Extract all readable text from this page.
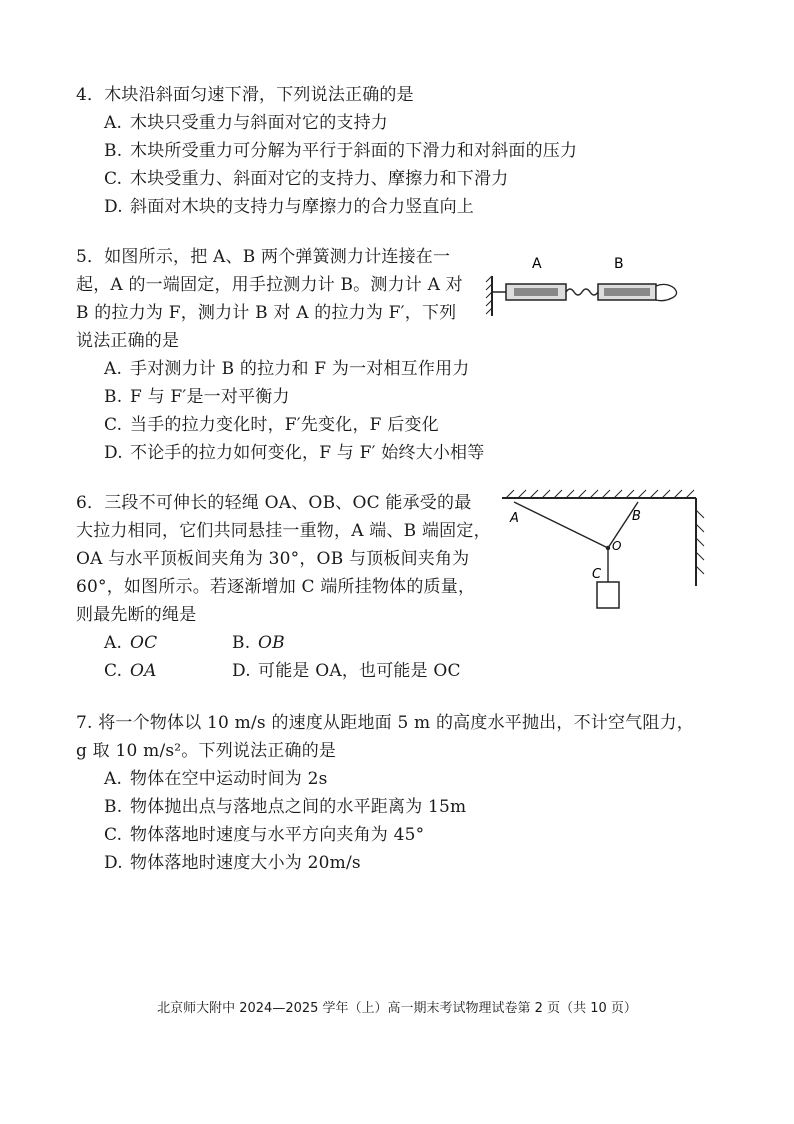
4．木块沿斜面匀速下滑，下列说法正确的是
A. 木块只受重力与斜面对它的支持力
B. 木块所受重力可分解为平行于斜面的下滑力和对斜面的压力
C. 木块受重力、斜面对它的支持力、摩擦力和下滑力
D. 斜面对木块的支持力与摩擦力的合力竖直向上
5．如图所示，把 A、B 两个弹簧测力计连接在一
起，A 的一端固定，用手拉测力计 B。测力计 A 对
B 的拉力为 F，测力计 B 对 A 的拉力为 F′，下列
说法正确的是
A	B
A. 手对测力计 B 的拉力和 F 为一对相互作用力
B. F 与 F′是一对平衡力
C. 当手的拉力变化时，F′先变化，F 后变化
D. 不论手的拉力如何变化，F 与 F′ 始终大小相等
6．三段不可伸长的轻绳 OA、OB、OC 能承受的最
大拉力相同，它们共同悬挂一重物，A 端、B 端固定，
OA 与水平顶板间夹角为 30°，OB 与顶板间夹角为
60°，如图所示。若逐渐增加 C 端所挂物体的质量，
则最先断的绳是
A	B
O
C
A. OC	B. OB
C. OA	D. 可能是 OA，也可能是 OC
7. 将一个物体以 10 m/s 的速度从距地面 5 m 的高度水平抛出，不计空气阻力，
g 取 10 m/s²。下列说法正确的是
A. 物体在空中运动时间为 2s
B. 物体抛出点与落地点之间的水平距离为 15m
C. 物体落地时速度与水平方向夹角为 45°
D. 物体落地时速度大小为 20m/s
北京师大附中 2024—2025 学年（上）高一期末考试物理试卷第 2 页（共 10 页）
